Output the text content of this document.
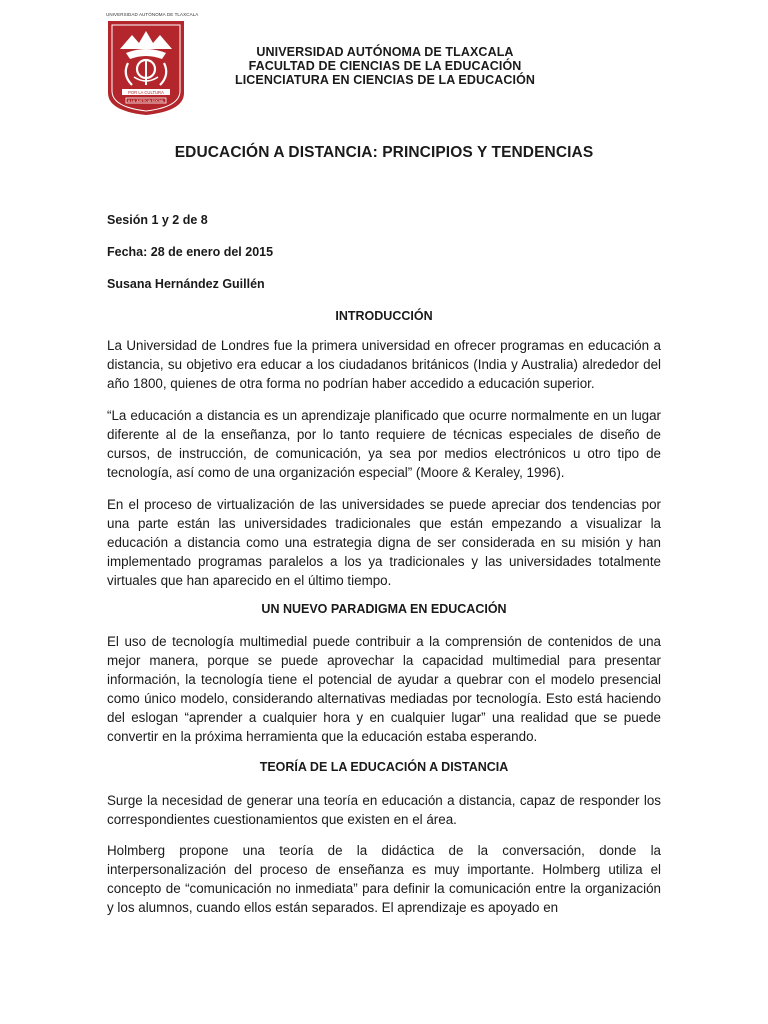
UNIVERSIDAD AUTÓNOMA DE TLAXCALA
POR LA CULTURA
A LA JUSTICIA SOCIAL
UNIVERSIDAD AUTÓNOMA DE TLAXCALA
FACULTAD DE CIENCIAS DE LA EDUCACIÓN
LICENCIATURA EN CIENCIAS DE LA EDUCACIÓN
EDUCACIÓN A DISTANCIA: PRINCIPIOS Y TENDENCIAS
Sesión 1 y 2 de 8
Fecha: 28 de enero del 2015
Susana Hernández Guillén
INTRODUCCIÓN

La Universidad de Londres fue la primera universidad en ofrecer programas en educación a distancia, su objetivo era educar a los ciudadanos británicos (India y Australia) alrededor del año 1800, quienes de otra forma no podrían haber accedido a educación superior.

“La educación a distancia es un aprendizaje planificado que ocurre normalmente en un lugar diferente al de la enseñanza, por lo tanto requiere de técnicas especiales de diseño de cursos, de instrucción, de comunicación, ya sea por medios electrónicos u otro tipo de tecnología, así como de una organización especial” (Moore & Keraley, 1996).

En el proceso de virtualización de las universidades se puede apreciar dos tendencias por una parte están las universidades tradicionales que están empezando a visualizar la educación a distancia como una estrategia digna de ser considerada en su misión y han implementado programas paralelos a los ya tradicionales y las universidades totalmente virtuales que han aparecido en el último tiempo.

UN NUEVO PARADIGMA EN EDUCACIÓN

El uso de tecnología multimedial puede contribuir a la comprensión de contenidos de una mejor manera, porque se puede aprovechar la capacidad multimedial para presentar información, la tecnología tiene el potencial de ayudar a quebrar con el modelo presencial como único modelo, considerando alternativas mediadas por tecnología. Esto está haciendo del eslogan “aprender a cualquier hora y en cualquier lugar” una realidad que se puede convertir en la próxima herramienta que la educación estaba esperando.

TEORÍA DE LA EDUCACIÓN A DISTANCIA

Surge la necesidad de generar una teoría en educación a distancia, capaz de responder los correspondientes cuestionamientos que existen en el área.

Holmberg propone una teoría de la didáctica de la conversación, donde la interpersonalización del proceso de enseñanza es muy importante. Holmberg utiliza el concepto de “comunicación no inmediata” para definir la comunicación entre la organización y los alumnos, cuando ellos están separados. El aprendizaje es apoyado en
